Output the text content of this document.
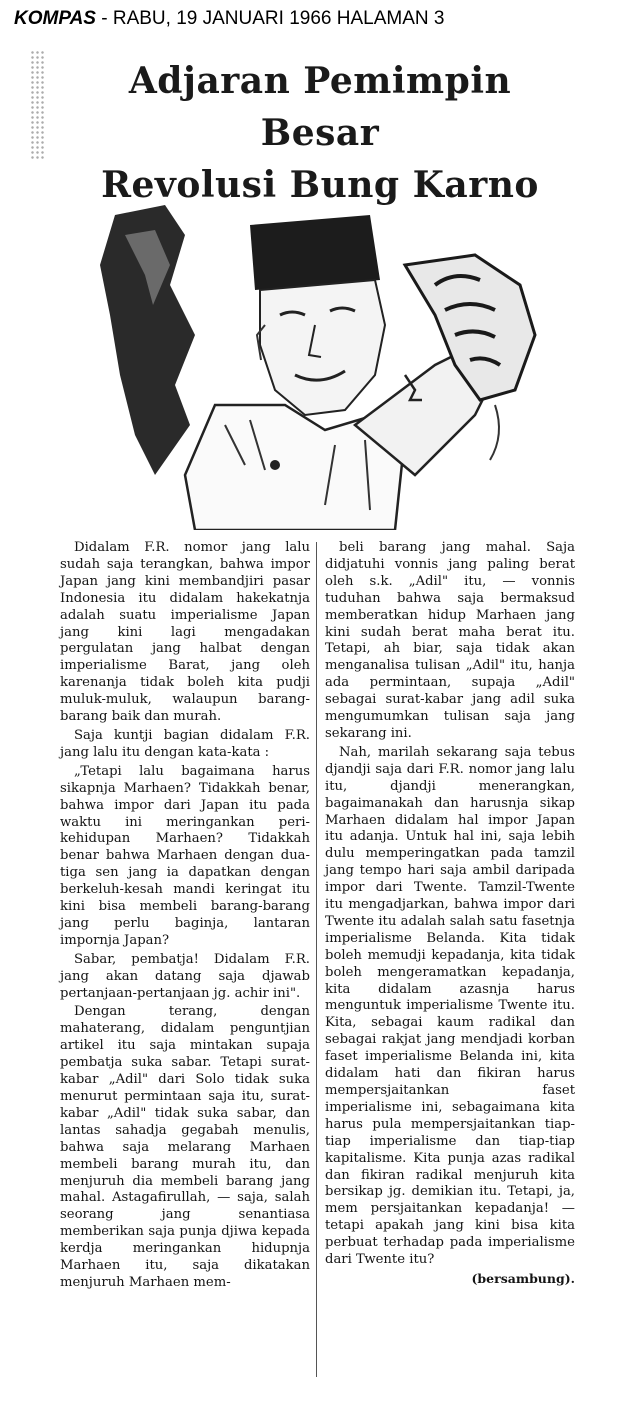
KOMPAS - RABU, 19 JANUARI 1966 HALAMAN 3
Adjaran Pemimpin Besar
Revolusi Bung Karno

Didalam F.R. nomor jang lalu sudah saja terangkan, bahwa impor Japan jang kini membandjiri pasar Indonesia itu didalam hakekatnja adalah suatu imperialisme Japan jang kini lagi mengadakan pergulatan jang halbat dengan imperialisme Barat, jang oleh karenanja tidak boleh kita pudji muluk-muluk, walaupun barang-barang baik dan murah.

Saja kuntji bagian didalam F.R. jang lalu itu dengan kata-kata :

„Tetapi lalu bagaimana harus sikapnja Marhaen? Tidakkah benar, bahwa impor dari Japan itu pada waktu ini meringankan peri-kehidupan Marhaen? Tidakkah benar bahwa Marhaen dengan dua-tiga sen jang ia dapatkan dengan berkeluh-kesah mandi keringat itu kini bisa membeli barang-barang jang perlu baginja, lantaran impornja Japan?

Sabar, pembatja! Didalam F.R. jang akan datang saja djawab pertanjaan-pertanjaan jg. achir ini".

Dengan terang, dengan mahaterang, didalam penguntjian artikel itu saja mintakan supaja pembatja suka sabar. Tetapi surat-kabar „Adil" dari Solo tidak suka menurut permintaan saja itu, surat-kabar „Adil" tidak suka sabar, dan lantas sahadja gegabah menulis, bahwa saja melarang Marhaen membeli barang murah itu, dan menjuruh dia membeli barang jang mahal. Astagafirullah, — saja, salah seorang jang senantiasa memberikan saja punja djiwa kepada kerdja meringankan hidupnja Marhaen itu, saja dikatakan menjuruh Marhaen mem-

beli barang jang mahal. Saja didjatuhi vonnis jang paling berat oleh s.k. „Adil" itu, — vonnis tuduhan bahwa saja bermaksud memberatkan hidup Marhaen jang kini sudah berat maha berat itu. Tetapi, ah biar, saja tidak akan menganalisa tulisan „Adil" itu, hanja ada permintaan, supaja „Adil" sebagai surat-kabar jang adil suka mengumumkan tulisan saja jang sekarang ini.

Nah, marilah sekarang saja tebus djandji saja dari F.R. nomor jang lalu itu, djandji menerangkan, bagaimanakah dan harusnja sikap Marhaen didalam hal impor Japan itu adanja. Untuk hal ini, saja lebih dulu memperingatkan pada tamzil jang tempo hari saja ambil daripada impor dari Twente. Tamzil-Twente itu mengadjarkan, bahwa impor dari Twente itu adalah salah satu fasetnja imperialisme Belanda. Kita tidak boleh memudji kepadanja, kita tidak boleh mengeramatkan kepadanja, kita didalam azasnja harus menguntuk imperialisme Twente itu. Kita, sebagai kaum radikal dan sebagai rakjat jang mendjadi korban faset imperialisme Belanda ini, kita didalam hati dan fikiran harus mempersjaitankan faset imperialisme ini, sebagaimana kita harus pula mempersjaitankan tiap-tiap imperialisme dan tiap-tiap kapitalisme. Kita punja azas radikal dan fikiran radikal menjuruh kita bersikap jg. demikian itu. Tetapi, ja, mem persjaitankan kepadanja! — tetapi apakah jang kini bisa kita perbuat terhadap pada imperialisme dari Twente itu?

(bersambung).
